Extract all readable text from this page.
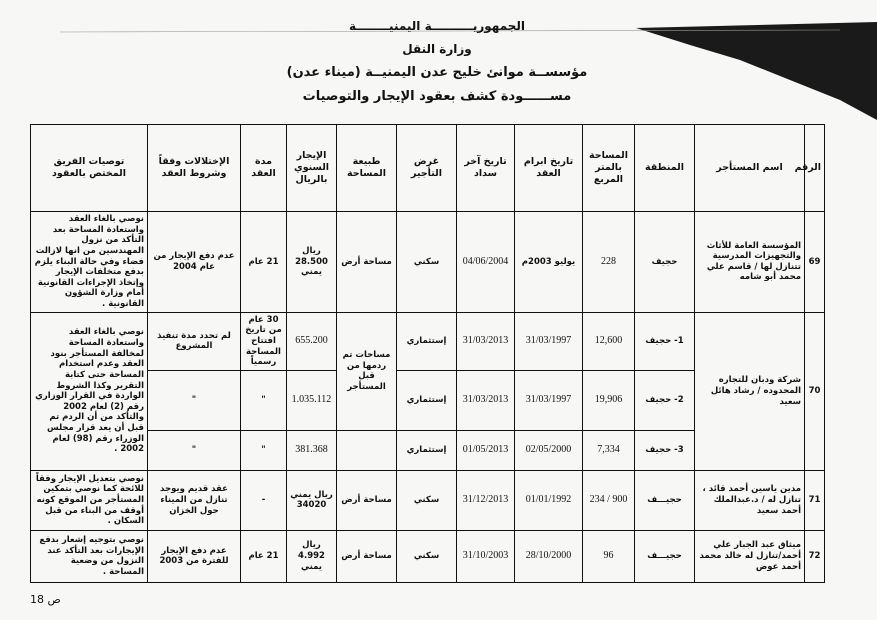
الجمهوريــــــــــة اليمنيــــــــة
وزارة النقل
مؤسســة موانئ خليج عدن اليمنيــة (ميناء عدن)
مســــــودة كشف بعقود الإيجار والتوصيات
الرقم	اسم المستأجر	المنطقة	المساحة بالمتر المربع	تاريخ ابرام العقد	تاريخ آخر سداد	غرض التأجير	طبيعة المساحة	الإيجار السنوي بالريال	مدة العقد	الإختلالات وفقاً وشروط العقد	توصيات الفريق المختص بالعقود
69	المؤسسة العامة للأثاث والتجهيزات المدرسية تتنازل لها / قاسم علي محمد أبو شامه	حجيف	228	يوليو 2003م	04/06/2004	سكني	مساحة أرض	ريال 28.500 يمني	21 عام	عدم دفع الإيجار من عام 2004	نوصي بالغاء العقد واستعادة المساحة بعد التأكد من نزول المهندسين من انها لازالت فضاء وفي حالة البناء يلزم بدفع متخلفات الإيجار وإتخاذ الإجراءات القانونية أمام وزارة الشؤون القانونية .
70	شركة ودبان للتجاره المحدوده / رشاد هائل سعيد	1- حجيف	12,600	31/03/1997	31/03/2013	إستثماري	مساحات تم ردمها من قبل المستأجر	655.200	30 عام من تاريخ افتتاح المساحة رسمياً	لم تحدد مدة تنفيذ المشروع	نوصي بالغاء العقد واستعادة المساحة لمخالفة المستأجر بنود العقد وعدم استخدام المساحة حتى كتابة التقرير وكذا الشروط الواردة في القرار الوزاري رقم (2) لعام 2002 والتأكد من أن الردم تم قبل أن يعد قرار مجلس الوزراء رقم (98) لعام 2002 .
		2- حجيف	19,906	31/03/1997	31/03/2013	إستثماري		1.035.112	"	"	
		3- حجيف	7,334	02/05/2000	01/05/2013	إستثماري		381.368	"	"	
71	مدين ياسين أحمد قائد ، تنازل له / د.عبدالملك أحمد سعيد	حجيـــف	900 / 234	01/01/1992	31/12/2013	سكني	مساحة أرض	ريال يمني 34020	-	عقد قديم ويوجد تنازل من الميناء حول الخزان	نوصي بتعديل الإيجار وفقاً للائحة كما نوصي بتمكين المستأجر من الموقع كونه أوقف من البناء من قبل السكان .
72	ميثاق عبد الجبار علي أحمد/تنازل له خالد محمد أحمد عوض	حجيـــف	96	28/10/2000	31/10/2003	سكني	مساحة أرض	ريال 4.992 يمني	21 عام	عدم دفع الإيجار للفترة من 2003	نوصي بتوجيه إشعار بدفع الإيجارات بعد التأكد عند النزول من وضعية المساحة .
ص 18
